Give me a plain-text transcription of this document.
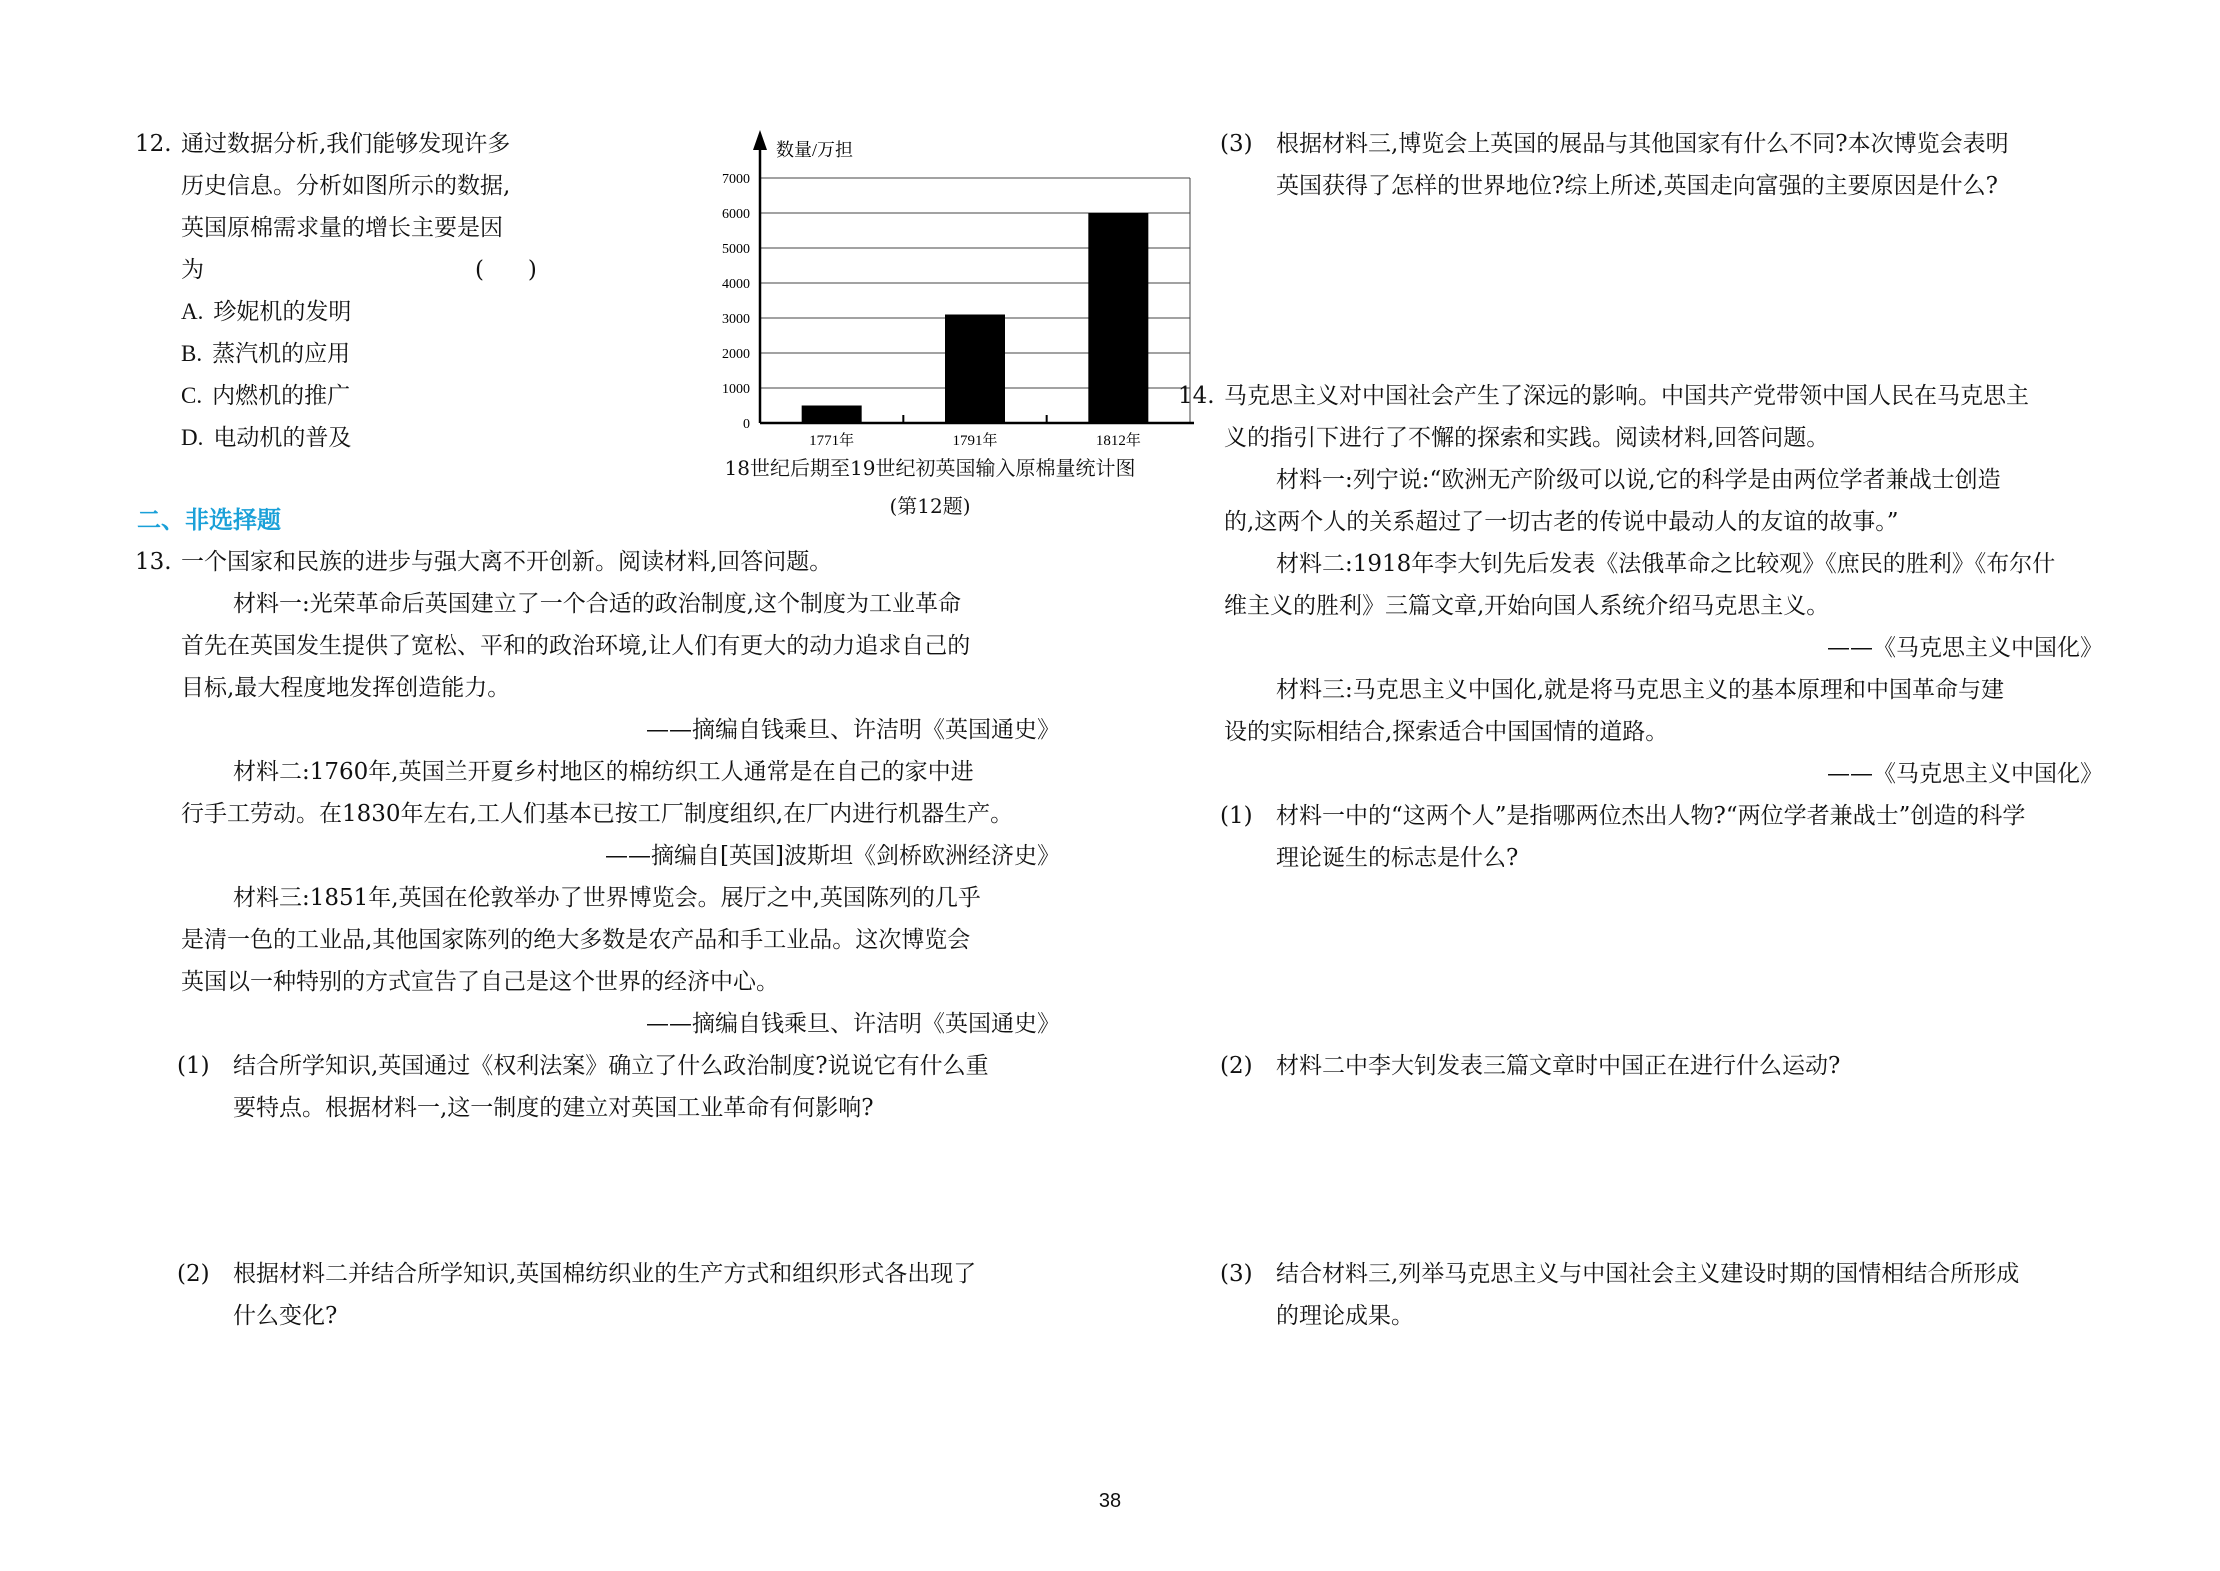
12. 通过数据分析,我们能够发现许多
历史信息。分析如图所示的数据,
英国原棉需求量的增长主要是因
为	(      )
A. 珍妮机的发明
B. 蒸汽机的应用
C. 内燃机的推广
D. 电动机的普及
数量/万担
0
1000
2000
3000
4000
5000
6000
7000
1771年	1791年	1812年
18世纪后期至19世纪初英国输入原棉量统计图
(第12题)
二、非选择题
13. 一个国家和民族的进步与强大离不开创新。阅读材料,回答问题。
材料一:光荣革命后英国建立了一个合适的政治制度,这个制度为工业革命
首先在英国发生提供了宽松、平和的政治环境,让人们有更大的动力追求自己的
目标,最大程度地发挥创造能力。
——摘编自钱乘旦、许洁明《英国通史》
材料二:1760年,英国兰开夏乡村地区的棉纺织工人通常是在自己的家中进
行手工劳动。在1830年左右,工人们基本已按工厂制度组织,在厂内进行机器生产。
——摘编自[英国]波斯坦《剑桥欧洲经济史》
材料三:1851年,英国在伦敦举办了世界博览会。展厅之中,英国陈列的几乎
是清一色的工业品,其他国家陈列的绝大多数是农产品和手工业品。这次博览会
英国以一种特别的方式宣告了自己是这个世界的经济中心。
——摘编自钱乘旦、许洁明《英国通史》
(1) 结合所学知识,英国通过《权利法案》确立了什么政治制度?说说它有什么重
要特点。根据材料一,这一制度的建立对英国工业革命有何影响?
(2) 根据材料二并结合所学知识,英国棉纺织业的生产方式和组织形式各出现了
什么变化?
(3) 根据材料三,博览会上英国的展品与其他国家有什么不同?本次博览会表明
英国获得了怎样的世界地位?综上所述,英国走向富强的主要原因是什么?
14. 马克思主义对中国社会产生了深远的影响。中国共产党带领中国人民在马克思主
义的指引下进行了不懈的探索和实践。阅读材料,回答问题。
材料一:列宁说:“欧洲无产阶级可以说,它的科学是由两位学者兼战士创造
的,这两个人的关系超过了一切古老的传说中最动人的友谊的故事。”
材料二:1918年李大钊先后发表《法俄革命之比较观》《庶民的胜利》《布尔什
维主义的胜利》三篇文章,开始向国人系统介绍马克思主义。
——《马克思主义中国化》
材料三:马克思主义中国化,就是将马克思主义的基本原理和中国革命与建
设的实际相结合,探索适合中国国情的道路。
——《马克思主义中国化》
(1) 材料一中的“这两个人”是指哪两位杰出人物?“两位学者兼战士”创造的科学
理论诞生的标志是什么?
(2) 材料二中李大钊发表三篇文章时中国正在进行什么运动?
(3) 结合材料三,列举马克思主义与中国社会主义建设时期的国情相结合所形成
的理论成果。
38
